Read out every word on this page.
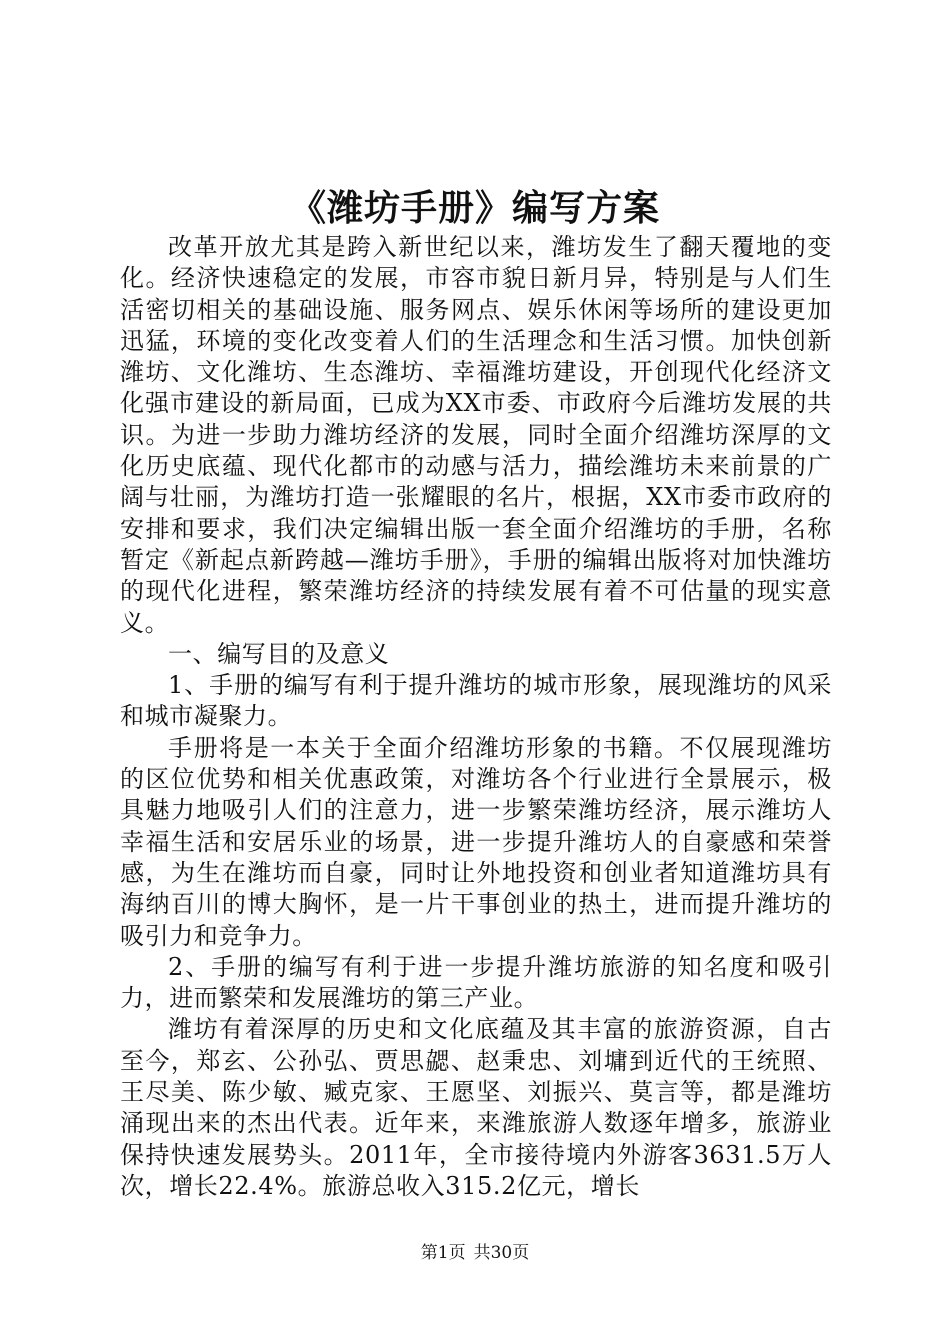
《潍坊手册》编写方案

改革开放尤其是跨入新世纪以来，潍坊发生了翻天覆地的变化。经济快速稳定的发展，市容市貌日新月异，特别是与人们生活密切相关的基础设施、服务网点、娱乐休闲等场所的建设更加迅猛，环境的变化改变着人们的生活理念和生活习惯。加快创新潍坊、文化潍坊、生态潍坊、幸福潍坊建设，开创现代化经济文化强市建设的新局面，已成为XX市委、市政府今后潍坊发展的共识。为进一步助力潍坊经济的发展，同时全面介绍潍坊深厚的文化历史底蕴、现代化都市的动感与活力，描绘潍坊未来前景的广阔与壮丽，为潍坊打造一张耀眼的名片，根据，XX市委市政府的安排和要求，我们决定编辑出版一套全面介绍潍坊的手册，名称暂定《新起点新跨越—潍坊手册》，手册的编辑出版将对加快潍坊的现代化进程，繁荣潍坊经济的持续发展有着不可估量的现实意义。

一、编写目的及意义

1、手册的编写有利于提升潍坊的城市形象，展现潍坊的风采和城市凝聚力。

手册将是一本关于全面介绍潍坊形象的书籍。不仅展现潍坊的区位优势和相关优惠政策，对潍坊各个行业进行全景展示，极具魅力地吸引人们的注意力，进一步繁荣潍坊经济，展示潍坊人幸福生活和安居乐业的场景，进一步提升潍坊人的自豪感和荣誉感，为生在潍坊而自豪，同时让外地投资和创业者知道潍坊具有海纳百川的博大胸怀，是一片干事创业的热土，进而提升潍坊的吸引力和竞争力。

2、手册的编写有利于进一步提升潍坊旅游的知名度和吸引力，进而繁荣和发展潍坊的第三产业。

潍坊有着深厚的历史和文化底蕴及其丰富的旅游资源，自古至今，郑玄、公孙弘、贾思勰、赵秉忠、刘墉到近代的王统照、王尽美、陈少敏、臧克家、王愿坚、刘振兴、莫言等，都是潍坊涌现出来的杰出代表。近年来，来潍旅游人数逐年增多，旅游业保持快速发展势头。2011年，全市接待境内外游客3631.5万人次，增长22.4%。旅游总收入315.2亿元，增长

第1页 共30页
